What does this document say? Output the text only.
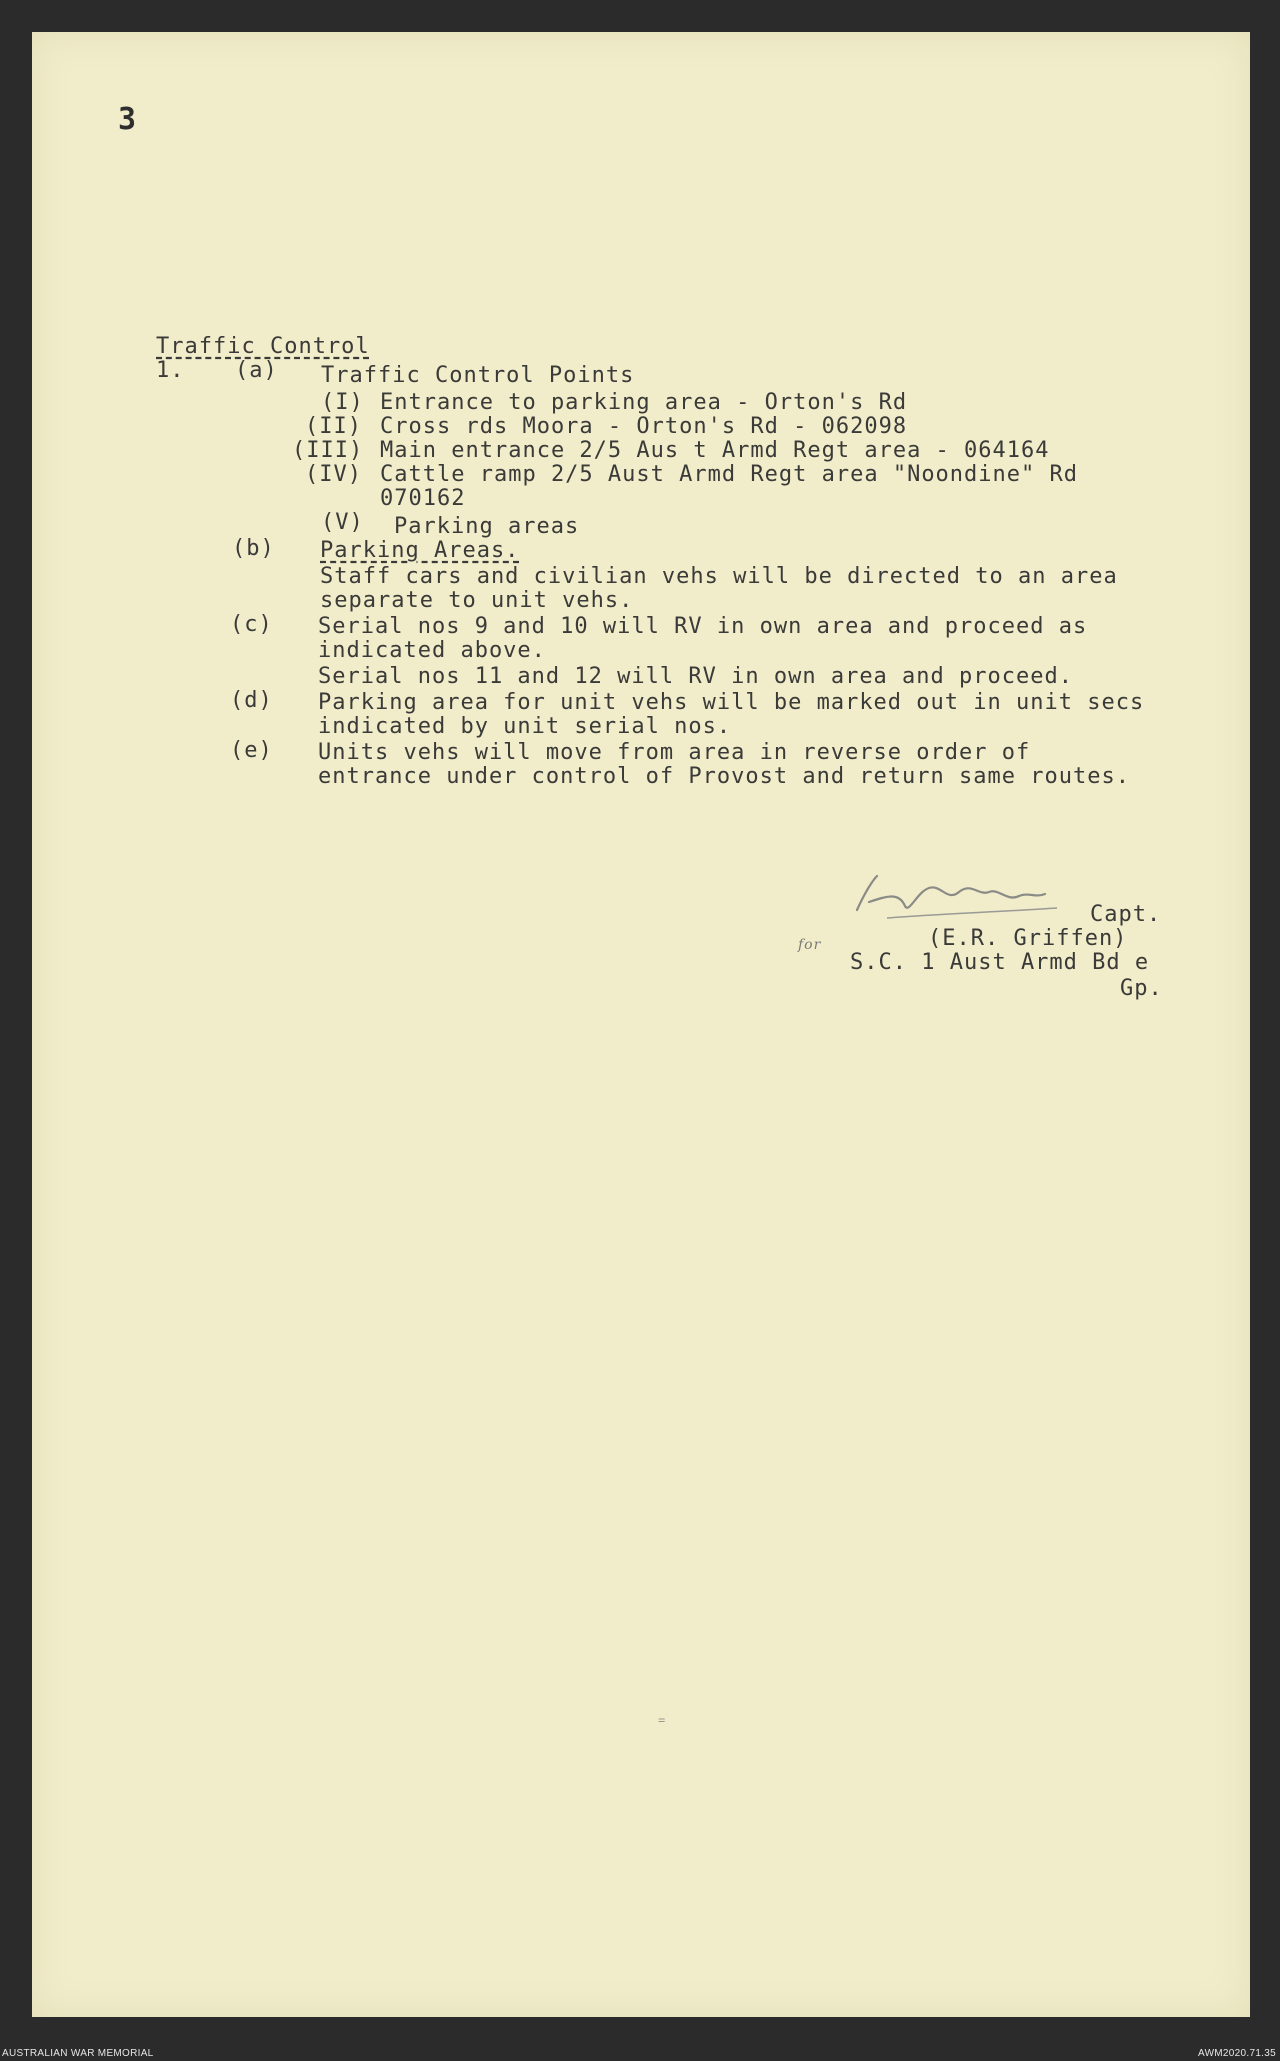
3
Traffic Control
1. (a) Traffic Control Points
(I) Entrance to parking area - Orton's Rd
(II) Cross rds Moora - Orton's Rd - 062098
(III) Main entrance 2/5 Aus t Armd Regt area - 064164
(IV) Cattle ramp 2/5 Aust Armd Regt area "Noondine" Rd
070162
(V) Parking areas
(b) Parking Areas.
Staff cars and civilian vehs will be directed to an area
separate to unit vehs.
(c) Serial nos 9 and 10 will RV in own area and proceed as
indicated above.
Serial nos 11 and 12 will RV in own area and proceed.
(d) Parking area for unit vehs will be marked out in unit secs
indicated by unit serial nos.
(e) Units vehs will move from area in reverse order of
entrance under control of Provost and return same routes.
for
Capt.
(E.R. Griffen)
S.C. 1 Aust Armd Bd e
Gp.
=
AUSTRALIAN WAR MEMORIAL	AWM2020.71.35
